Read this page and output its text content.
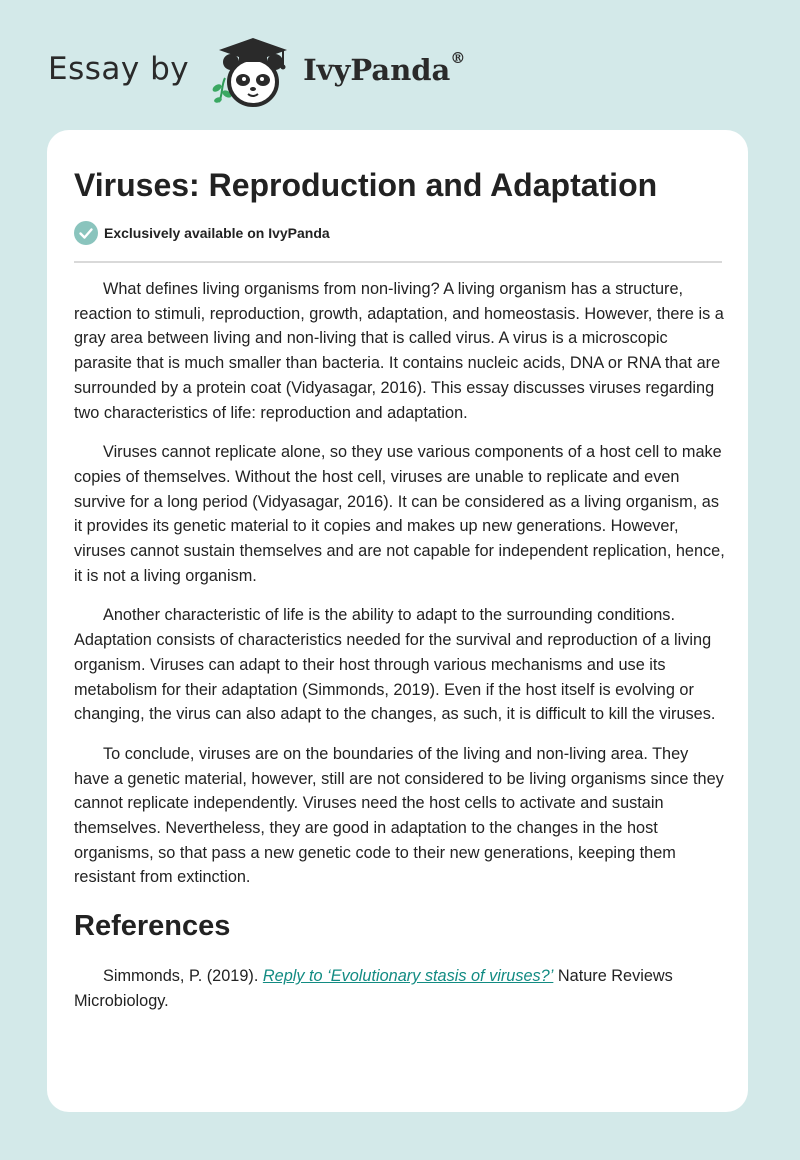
Essay by	IvyPanda®
Viruses: Reproduction and Adaptation
Exclusively available on IvyPanda

What defines living organisms from non-living? A living organism has a structure, reaction to stimuli, reproduction, growth, adaptation, and homeostasis. However, there is a gray area between living and non-living that is called virus. A virus is a microscopic parasite that is much smaller than bacteria. It contains nucleic acids, DNA or RNA that are surrounded by a protein coat (Vidyasagar, 2016). This essay discusses viruses regarding two characteristics of life: reproduction and adaptation.

Viruses cannot replicate alone, so they use various components of a host cell to make copies of themselves. Without the host cell, viruses are unable to replicate and even survive for a long period (Vidyasagar, 2016). It can be considered as a living organism, as it provides its genetic material to it copies and makes up new generations. However, viruses cannot sustain themselves and are not capable for independent replication, hence, it is not a living organism.

Another characteristic of life is the ability to adapt to the surrounding conditions. Adaptation consists of characteristics needed for the survival and reproduction of a living organism. Viruses can adapt to their host through various mechanisms and use its metabolism for their adaptation (Simmonds, 2019). Even if the host itself is evolving or changing, the virus can also adapt to the changes, as such, it is difficult to kill the viruses.

To conclude, viruses are on the boundaries of the living and non-living area. They have a genetic material, however, still are not considered to be living organisms since they cannot replicate independently. Viruses need the host cells to activate and sustain themselves. Nevertheless, they are good in adaptation to the changes in the host organisms, so that pass a new genetic code to their new generations, keeping them resistant from extinction.

References

Simmonds, P. (2019). Reply to ‘Evolutionary stasis of viruses?’ Nature Reviews Microbiology.
